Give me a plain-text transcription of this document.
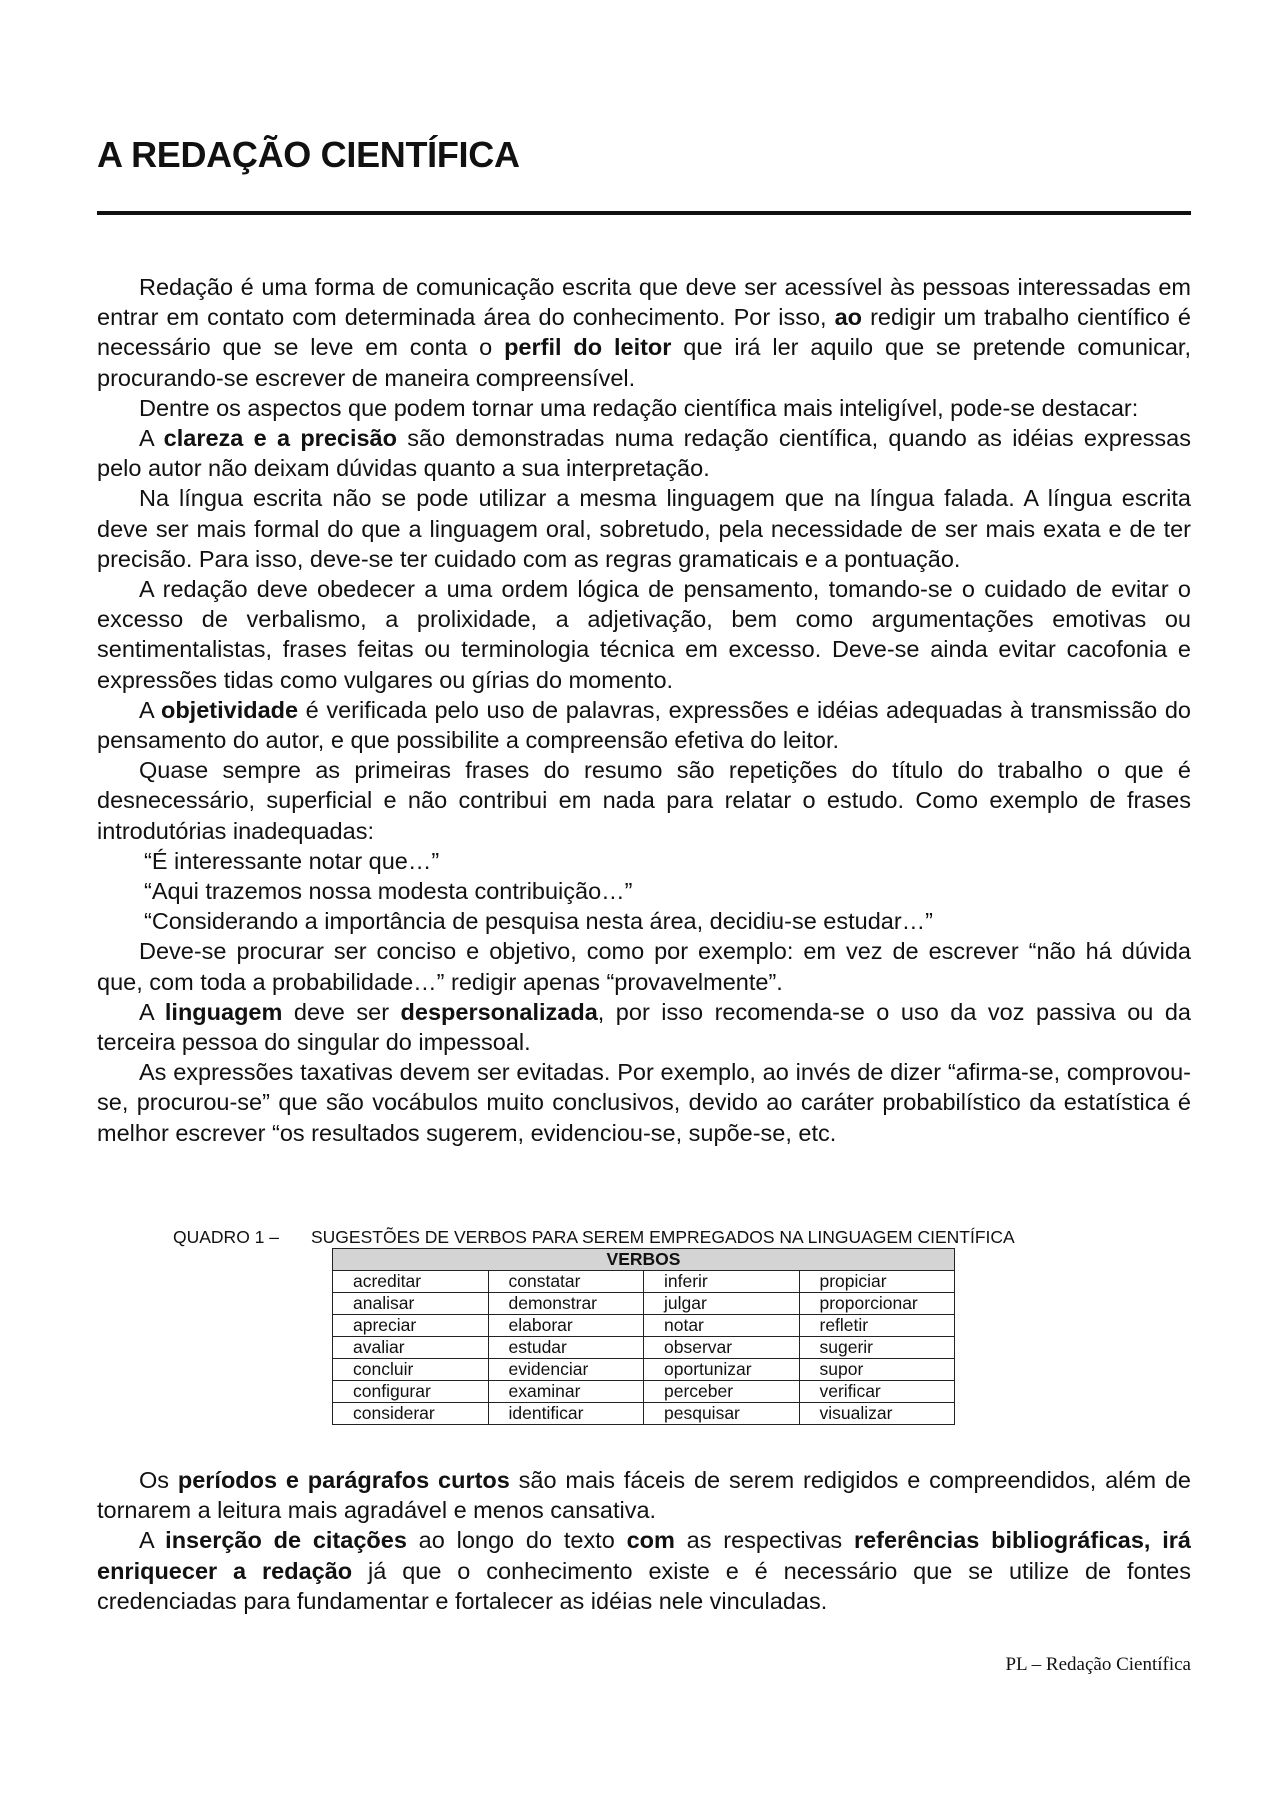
A REDAÇÃO CIENTÍFICA

Redação é uma forma de comunicação escrita que deve ser acessível às pessoas interessadas em entrar em contato com determinada área do conhecimento. Por isso, ao redigir um trabalho científico é necessário que se leve em conta o perfil do leitor que irá ler aquilo que se pretende comunicar, procurando-se escrever de maneira compreensível.

Dentre os aspectos que podem tornar uma redação científica mais inteligível, pode-se destacar:

A clareza e a precisão são demonstradas numa redação científica, quando as idéias expressas pelo autor não deixam dúvidas quanto a sua interpretação.

Na língua escrita não se pode utilizar a mesma linguagem que na língua falada. A língua escrita deve ser mais formal do que a linguagem oral, sobretudo, pela necessidade de ser mais exata e de ter precisão. Para isso, deve-se ter cuidado com as regras gramaticais e a pontuação.

A redação deve obedecer a uma ordem lógica de pensamento, tomando-se o cuidado de evitar o excesso de verbalismo, a prolixidade, a adjetivação, bem como argumentações emotivas ou sentimentalistas, frases feitas ou terminologia técnica em excesso. Deve-se ainda evitar cacofonia e expressões tidas como vulgares ou gírias do momento.

A objetividade é verificada pelo uso de palavras, expressões e idéias adequadas à transmissão do pensamento do autor, e que possibilite a compreensão efetiva do leitor.

Quase sempre as primeiras frases do resumo são repetições do título do trabalho o que é desnecessário, superficial e não contribui em nada para relatar o estudo. Como exemplo de frases introdutórias inadequadas:

“É interessante notar que…”
“Aqui trazemos nossa modesta contribuição…”
“Considerando a importância de pesquisa nesta área, decidiu-se estudar…”

Deve-se procurar ser conciso e objetivo, como por exemplo: em vez de escrever “não há dúvida que, com toda a probabilidade…” redigir apenas “provavelmente”.

A linguagem deve ser despersonalizada, por isso recomenda-se o uso da voz passiva ou da terceira pessoa do singular do impessoal.

As expressões taxativas devem ser evitadas. Por exemplo, ao invés de dizer “afirma-se, comprovou-se, procurou-se” que são vocábulos muito conclusivos, devido ao caráter probabilístico da estatística é melhor escrever “os resultados sugerem, evidenciou-se, supõe-se, etc.

QUADRO 1 – SUGESTÕES DE VERBOS PARA SEREM EMPREGADOS NA LINGUAGEM CIENTÍFICA
VERBOS			
acreditar	constatar	inferir	propiciar
analisar	demonstrar	julgar	proporcionar
apreciar	elaborar	notar	refletir
avaliar	estudar	observar	sugerir
concluir	evidenciar	oportunizar	supor
configurar	examinar	perceber	verificar
considerar	identificar	pesquisar	visualizar

Os períodos e parágrafos curtos são mais fáceis de serem redigidos e compreendidos, além de tornarem a leitura mais agradável e menos cansativa.

A inserção de citações ao longo do texto com as respectivas referências bibliográficas, irá enriquecer a redação já que o conhecimento existe e é necessário que se utilize de fontes credenciadas para fundamentar e fortalecer as idéias nele vinculadas.

PL – Redação Científica
